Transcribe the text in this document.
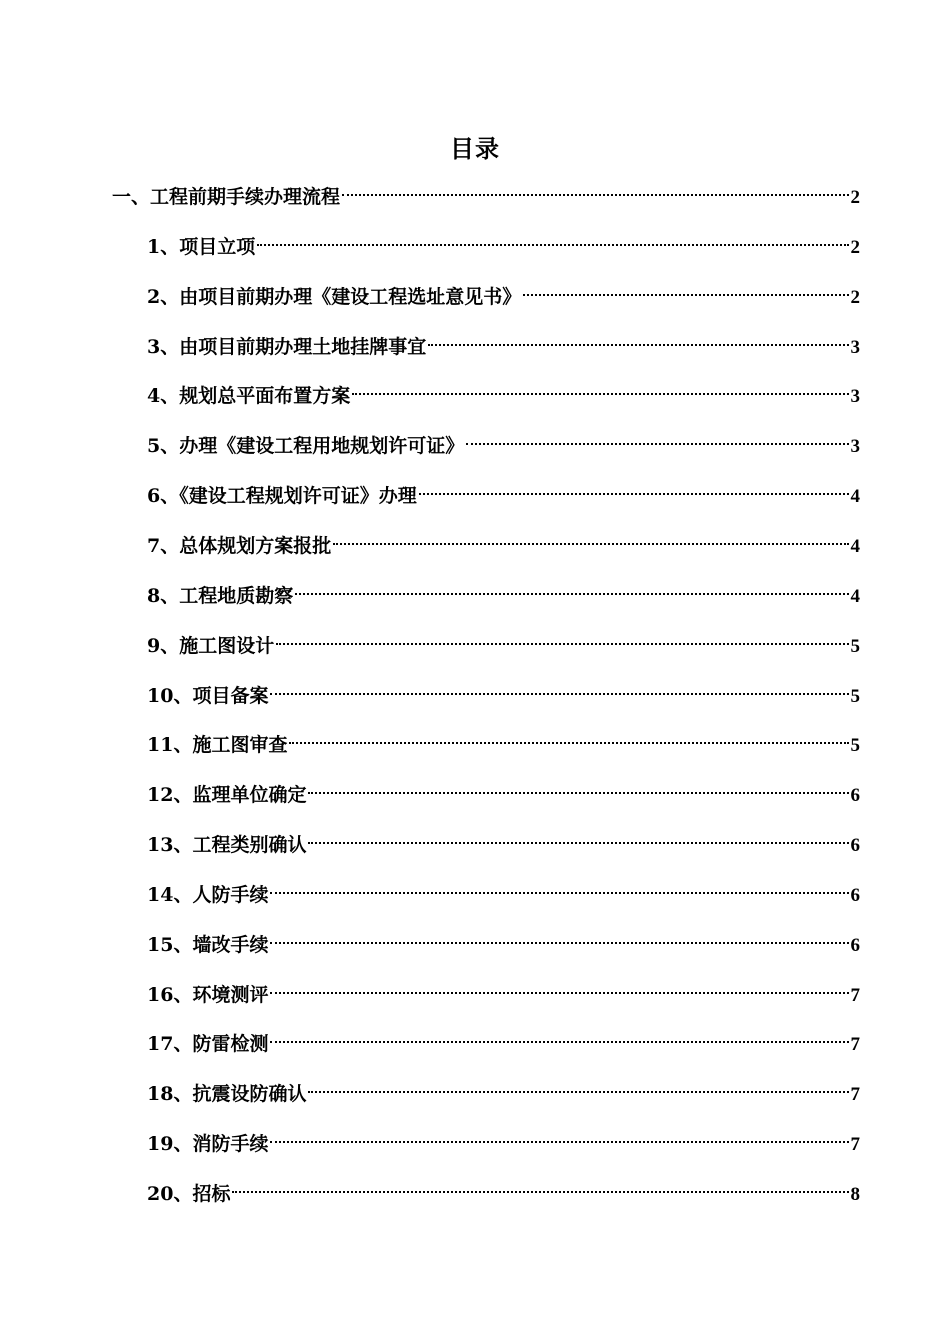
目录
一、工程前期手续办理流程	2
1、项目立项	2
2、由项目前期办理《建设工程选址意见书》	2
3、由项目前期办理土地挂牌事宜	3
4、规划总平面布置方案	3
5、办理《建设工程用地规划许可证》	3
6、《建设工程规划许可证》办理	4
7、总体规划方案报批	4
8、工程地质勘察	4
9、施工图设计	5
10、项目备案	5
11、施工图审查	5
12、监理单位确定	6
13、工程类别确认	6
14、人防手续	6
15、墙改手续	6
16、环境测评	7
17、防雷检测	7
18、抗震设防确认	7
19、消防手续	7
20、招标	8
